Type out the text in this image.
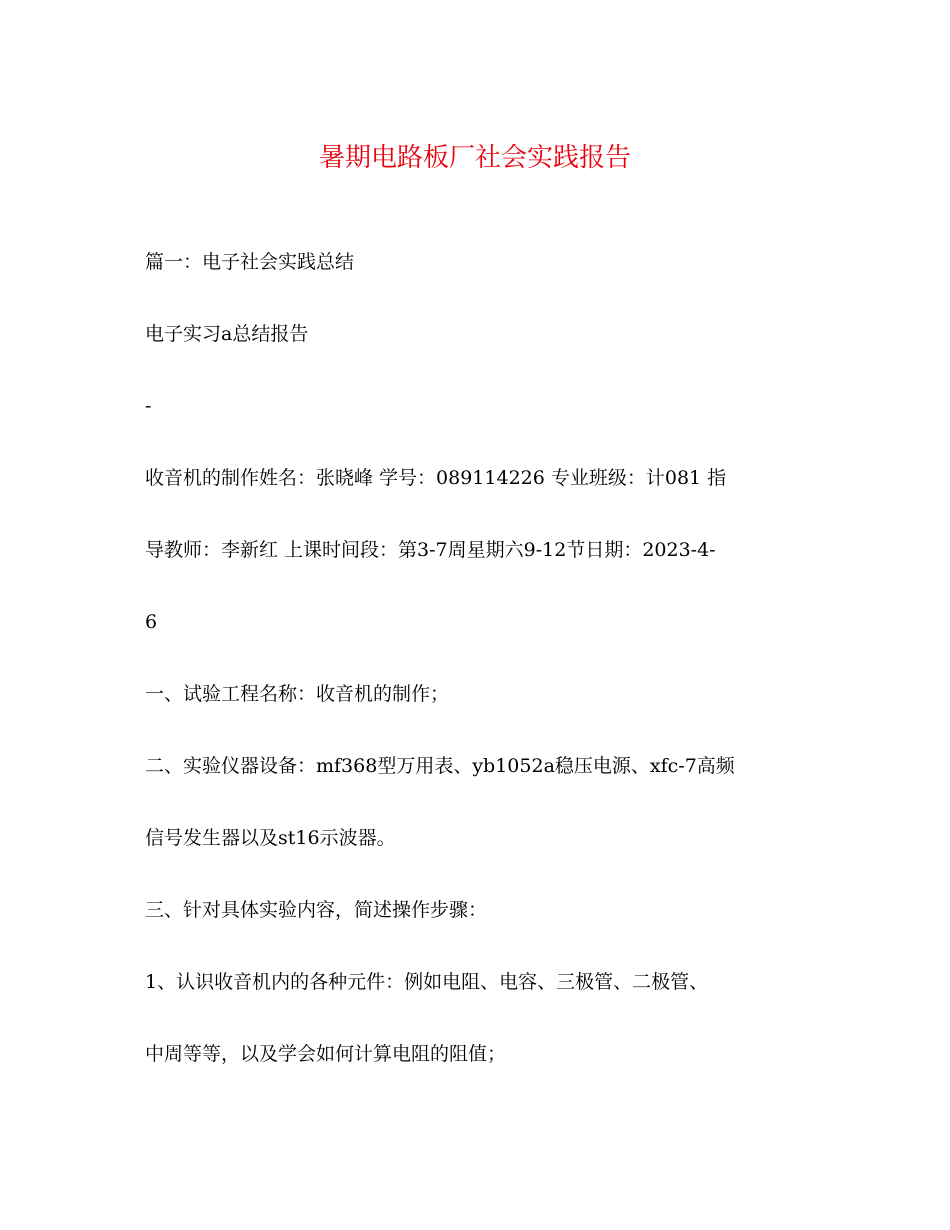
暑期电路板厂社会实践报告

篇一：电子社会实践总结

电子实习a总结报告

-

收音机的制作姓名：张晓峰 学号：089114226 专业班级：计081 指

导教师：李新红 上课时间段：第3-7周星期六9-12节日期：2023-4-

6

一、试验工程名称：收音机的制作；

二、实验仪器设备：mf368型万用表、yb1052a稳压电源、xfc-7高频

信号发生器以及st16示波器。

三、针对具体实验内容，简述操作步骤：

1、认识收音机内的各种元件：例如电阻、电容、三极管、二极管、

中周等等，以及学会如何计算电阻的阻值；
